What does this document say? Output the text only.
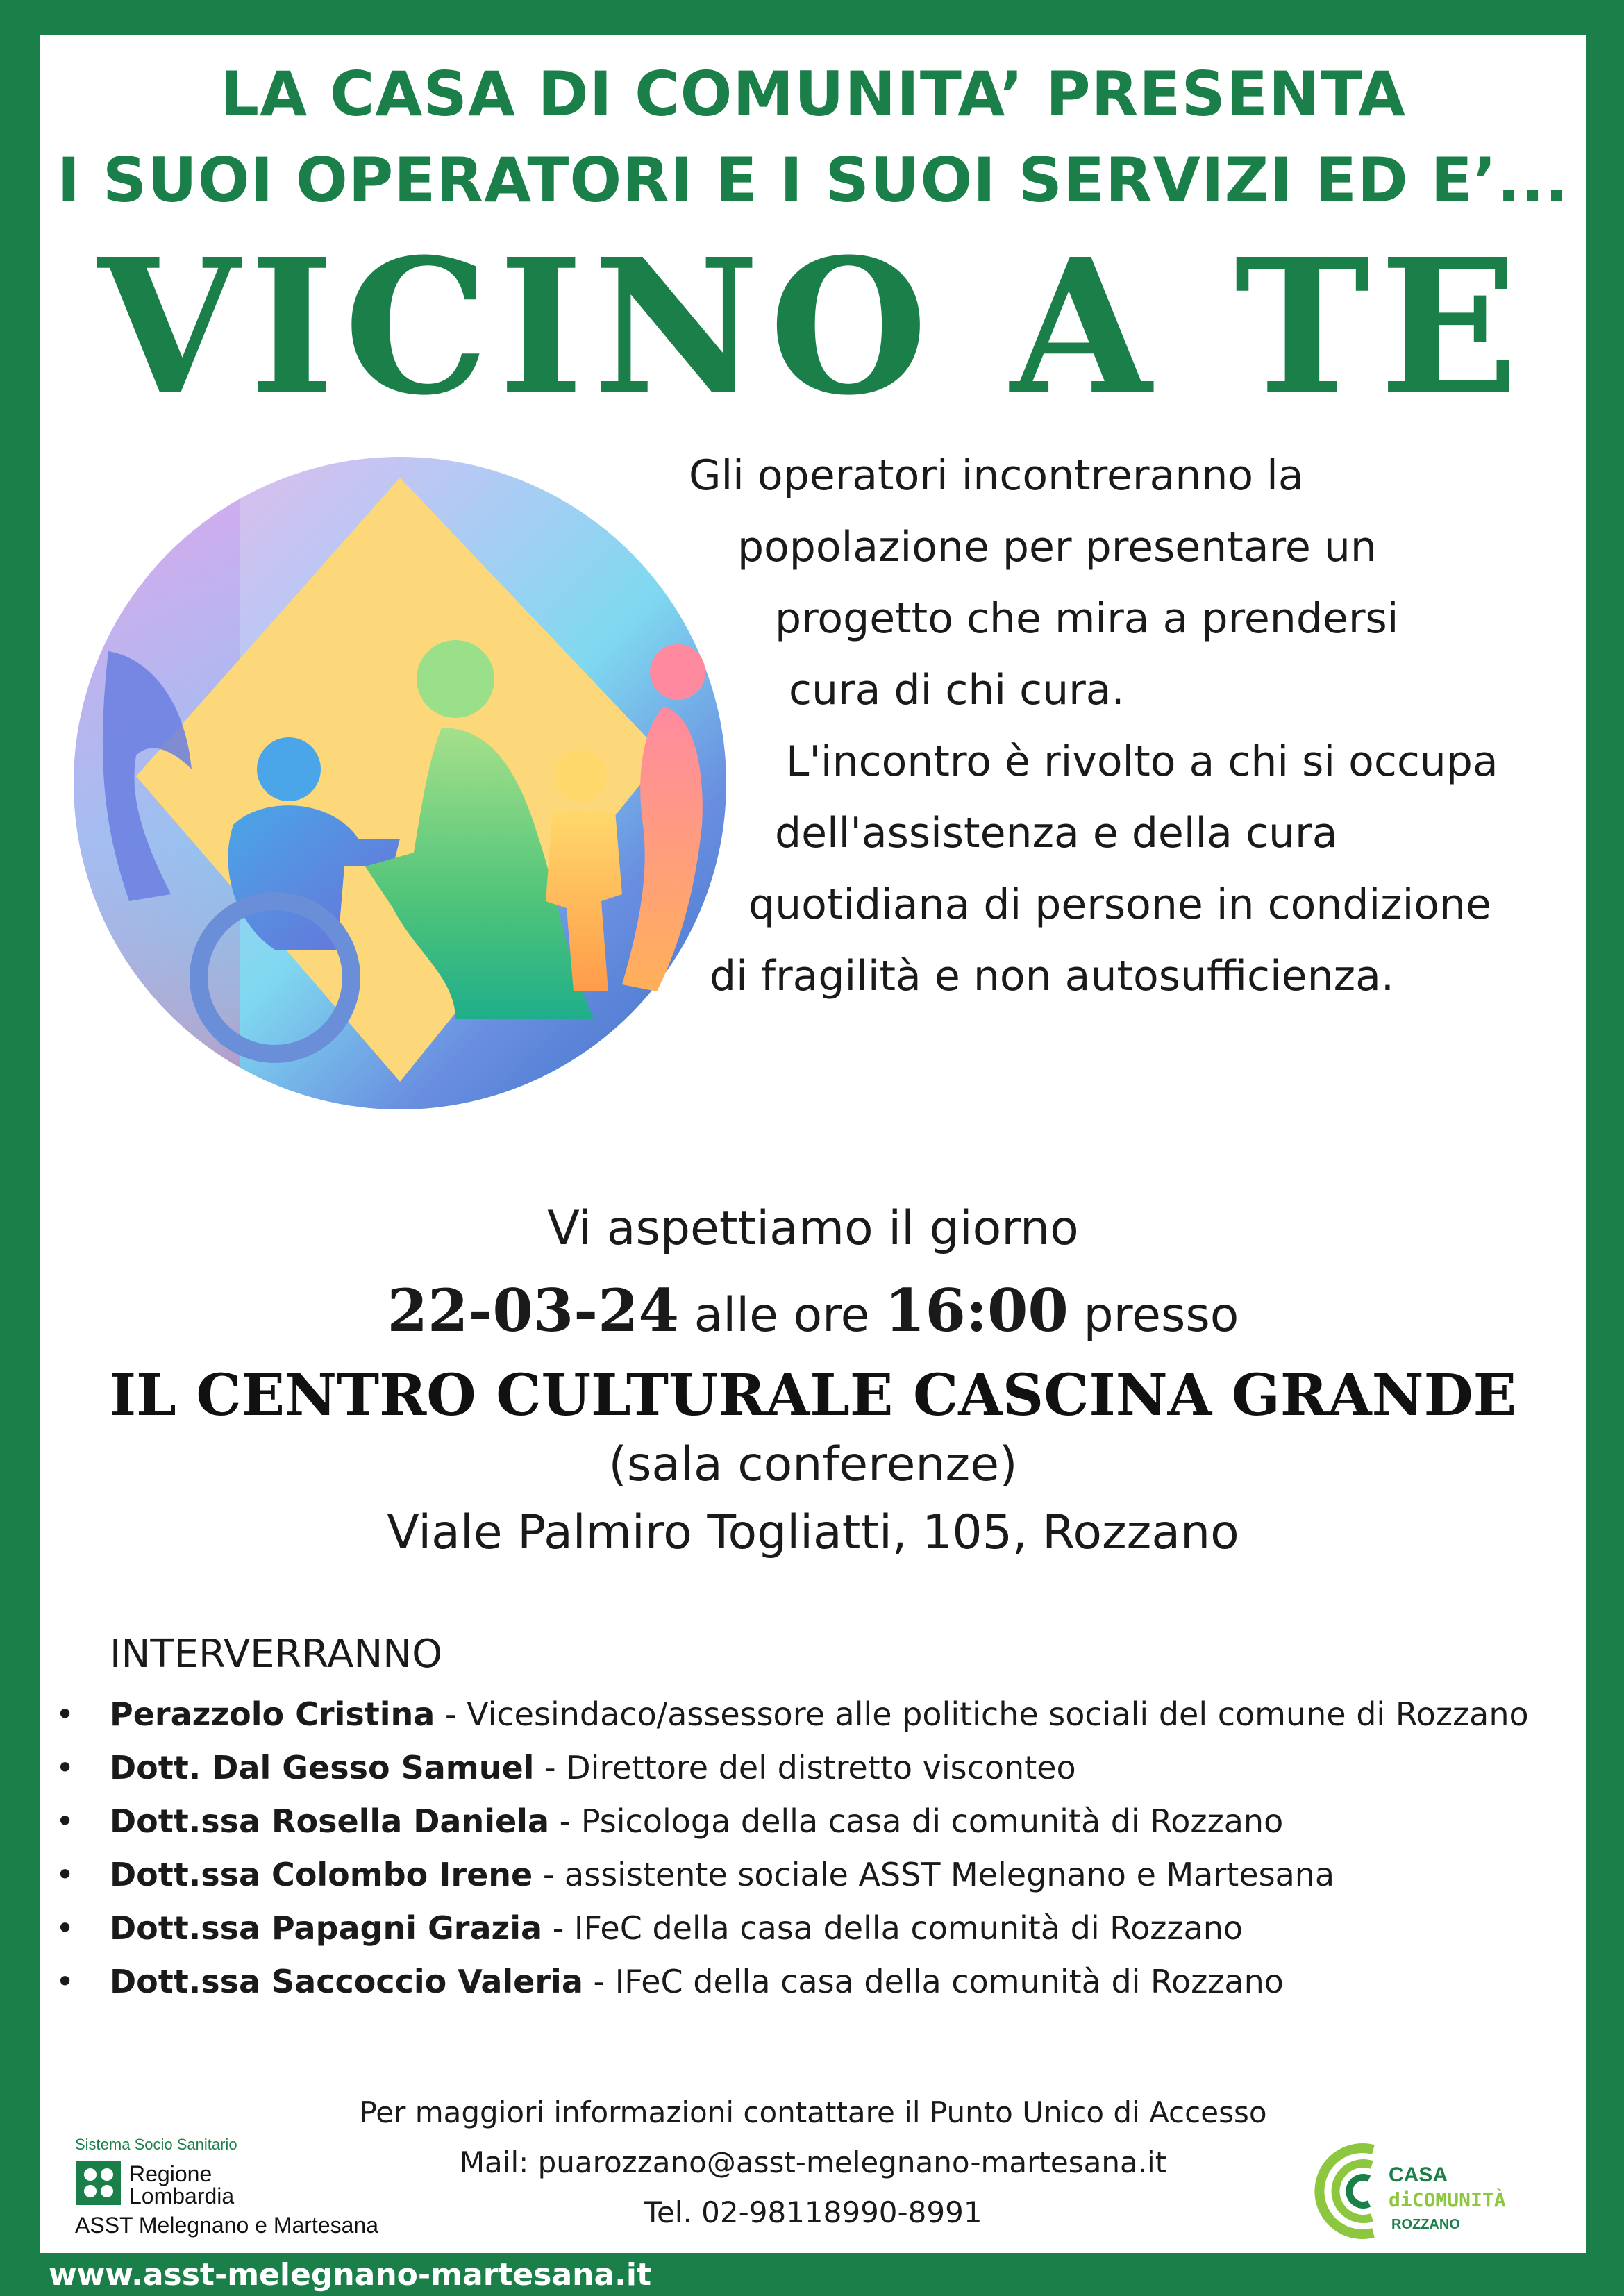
LA CASA DI COMUNITA’ PRESENTA
I SUOI OPERATORI E I SUOI SERVIZI ED E’...
VICINO A TE
Gli operatori incontreranno la
popolazione per presentare un
progetto che mira a prendersi
cura di chi cura.
L'incontro è rivolto a chi si occupa
dell'assistenza e della cura
quotidiana di persone in condizione
di fragilità e non autosufficienza.
Vi aspettiamo il giorno
22-03-24 alle ore 16:00 presso
IL CENTRO CULTURALE CASCINA GRANDE
(sala conferenze)
Viale Palmiro Togliatti, 105, Rozzano
INTERVERRANNO
• Perazzolo Cristina - Vicesindaco/assessore alle politiche sociali del comune di Rozzano
• Dott. Dal Gesso Samuel - Direttore del distretto visconteo
• Dott.ssa Rosella Daniela - Psicologa della casa di comunità di Rozzano
• Dott.ssa Colombo Irene - assistente sociale ASST Melegnano e Martesana
• Dott.ssa Papagni Grazia - IFeC della casa della comunità di Rozzano
• Dott.ssa Saccoccio Valeria - IFeC della casa della comunità di Rozzano
Per maggiori informazioni contattare il Punto Unico di Accesso
Mail: puarozzano@asst-melegnano-martesana.it
Tel. 02-98118990-8991
Sistema Socio Sanitario
Regione
Lombardia
ASST Melegnano e Martesana
CASA
diCOMUNITÀ
ROZZANO
www.asst-melegnano-martesana.it
